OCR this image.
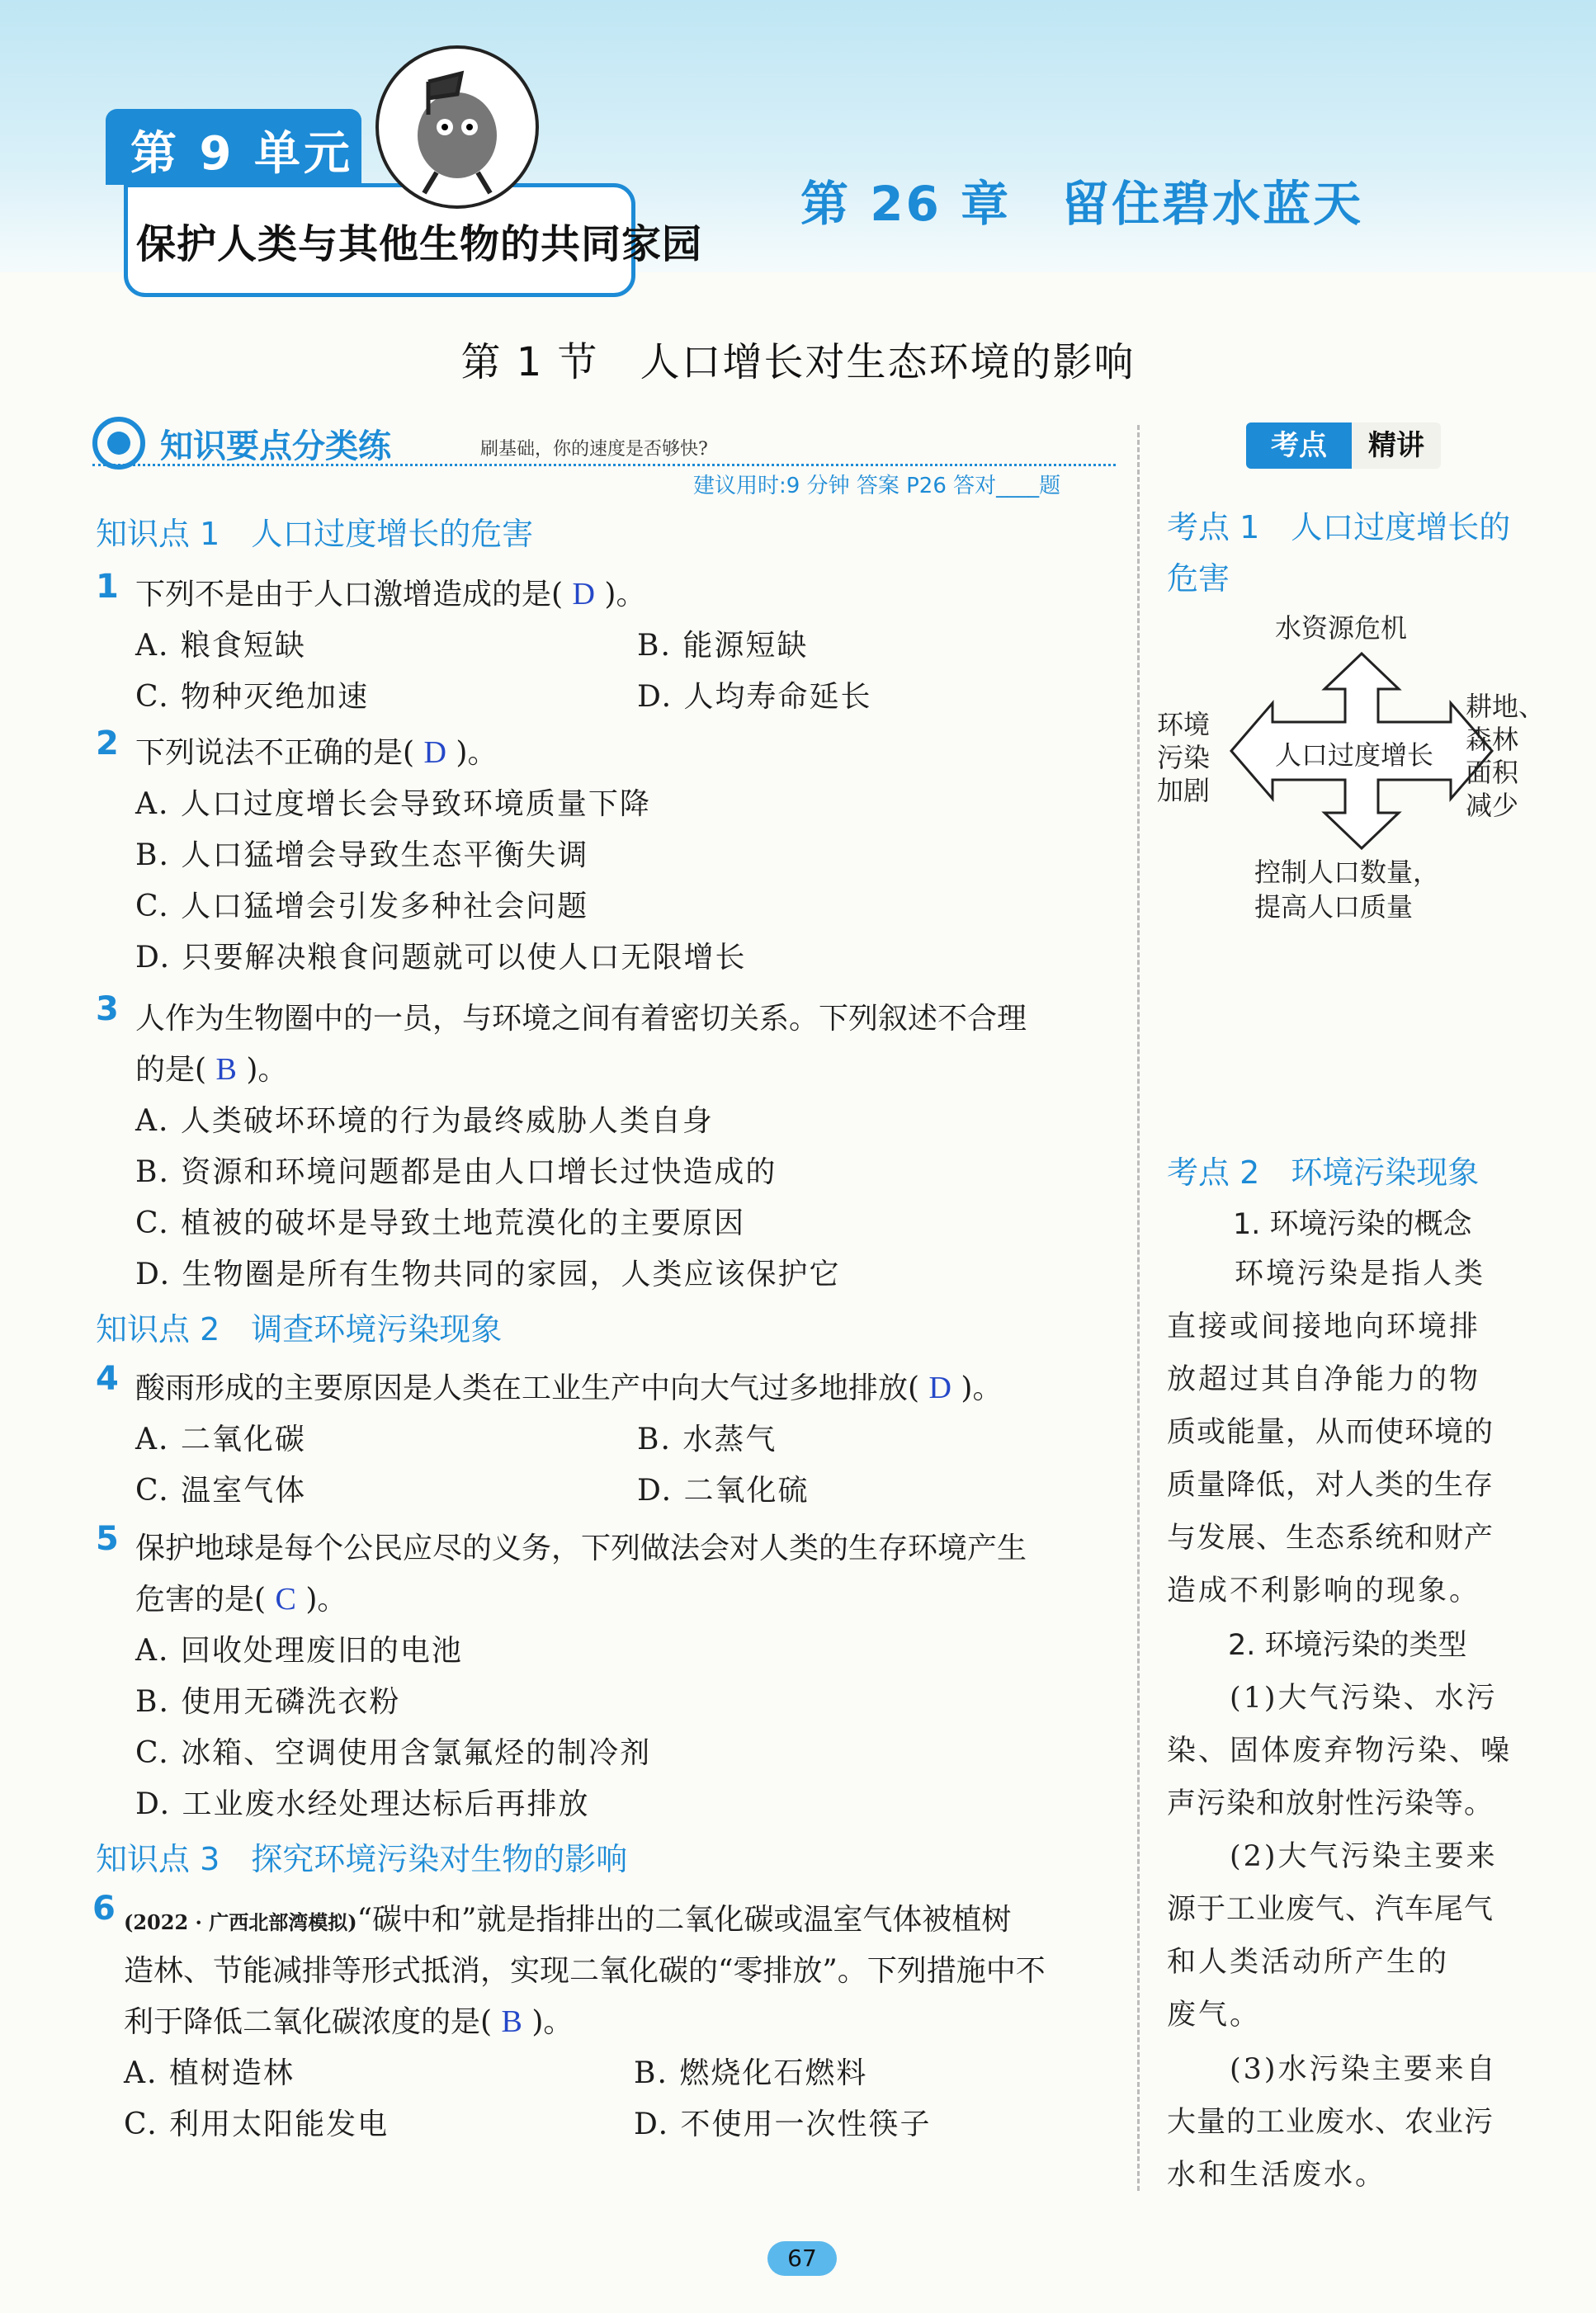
第 9 单元
保护人类与其他生物的共同家园
第 26 章　留住碧水蓝天
第 1 节　人口增长对生态环境的影响
知识要点分类练	刷基础，你的速度是否够快?
建议用时:9 分钟 答案 P26 答对____题
知识点 1　人口过度增长的危害
1 下列不是由于人口激增造成的是( D )。
A. 粮食短缺	B. 能源短缺
C. 物种灭绝加速	D. 人均寿命延长
2 下列说法不正确的是( D )。
A. 人口过度增长会导致环境质量下降
B. 人口猛增会导致生态平衡失调
C. 人口猛增会引发多种社会问题
D. 只要解决粮食问题就可以使人口无限增长
3 人作为生物圈中的一员，与环境之间有着密切关系。下列叙述不合理
的是( B )。
A. 人类破坏环境的行为最终威胁人类自身
B. 资源和环境问题都是由人口增长过快造成的
C. 植被的破坏是导致土地荒漠化的主要原因
D. 生物圈是所有生物共同的家园，人类应该保护它
知识点 2　调查环境污染现象
4 酸雨形成的主要原因是人类在工业生产中向大气过多地排放( D )。
A. 二氧化碳	B. 水蒸气
C. 温室气体	D. 二氧化硫
5 保护地球是每个公民应尽的义务，下列做法会对人类的生存环境产生
危害的是( C )。
A. 回收处理废旧的电池
B. 使用无磷洗衣粉
C. 冰箱、空调使用含氯氟烃的制冷剂
D. 工业废水经处理达标后再排放
知识点 3　探究环境污染对生物的影响
6 (2022 · 广西北部湾模拟)“碳中和”就是指排出的二氧化碳或温室气体被植树
造林、节能减排等形式抵消，实现二氧化碳的“零排放”。下列措施中不
利于降低二氧化碳浓度的是( B )。
A. 植树造林	B. 燃烧化石燃料
C. 利用太阳能发电	D. 不使用一次性筷子
考点	精讲
考点 1　人口过度增长的
危害
人口过度增长
水资源危机
环境
污染
加剧
耕地、
森林
面积
减少
控制人口数量，
提高人口质量
考点 2　环境污染现象
1. 环境污染的概念
环境污染是指人类
直接或间接地向环境排
放超过其自净能力的物
质或能量，从而使环境的
质量降低，对人类的生存
与发展、生态系统和财产
造成不利影响的现象。
2. 环境污染的类型
(1)大气污染、水污
染、固体废弃物污染、噪
声污染和放射性污染等。
(2)大气污染主要来
源于工业废气、汽车尾气
和人类活动所产生的
废气。
(3)水污染主要来自
大量的工业废水、农业污
水和生活废水。
67
